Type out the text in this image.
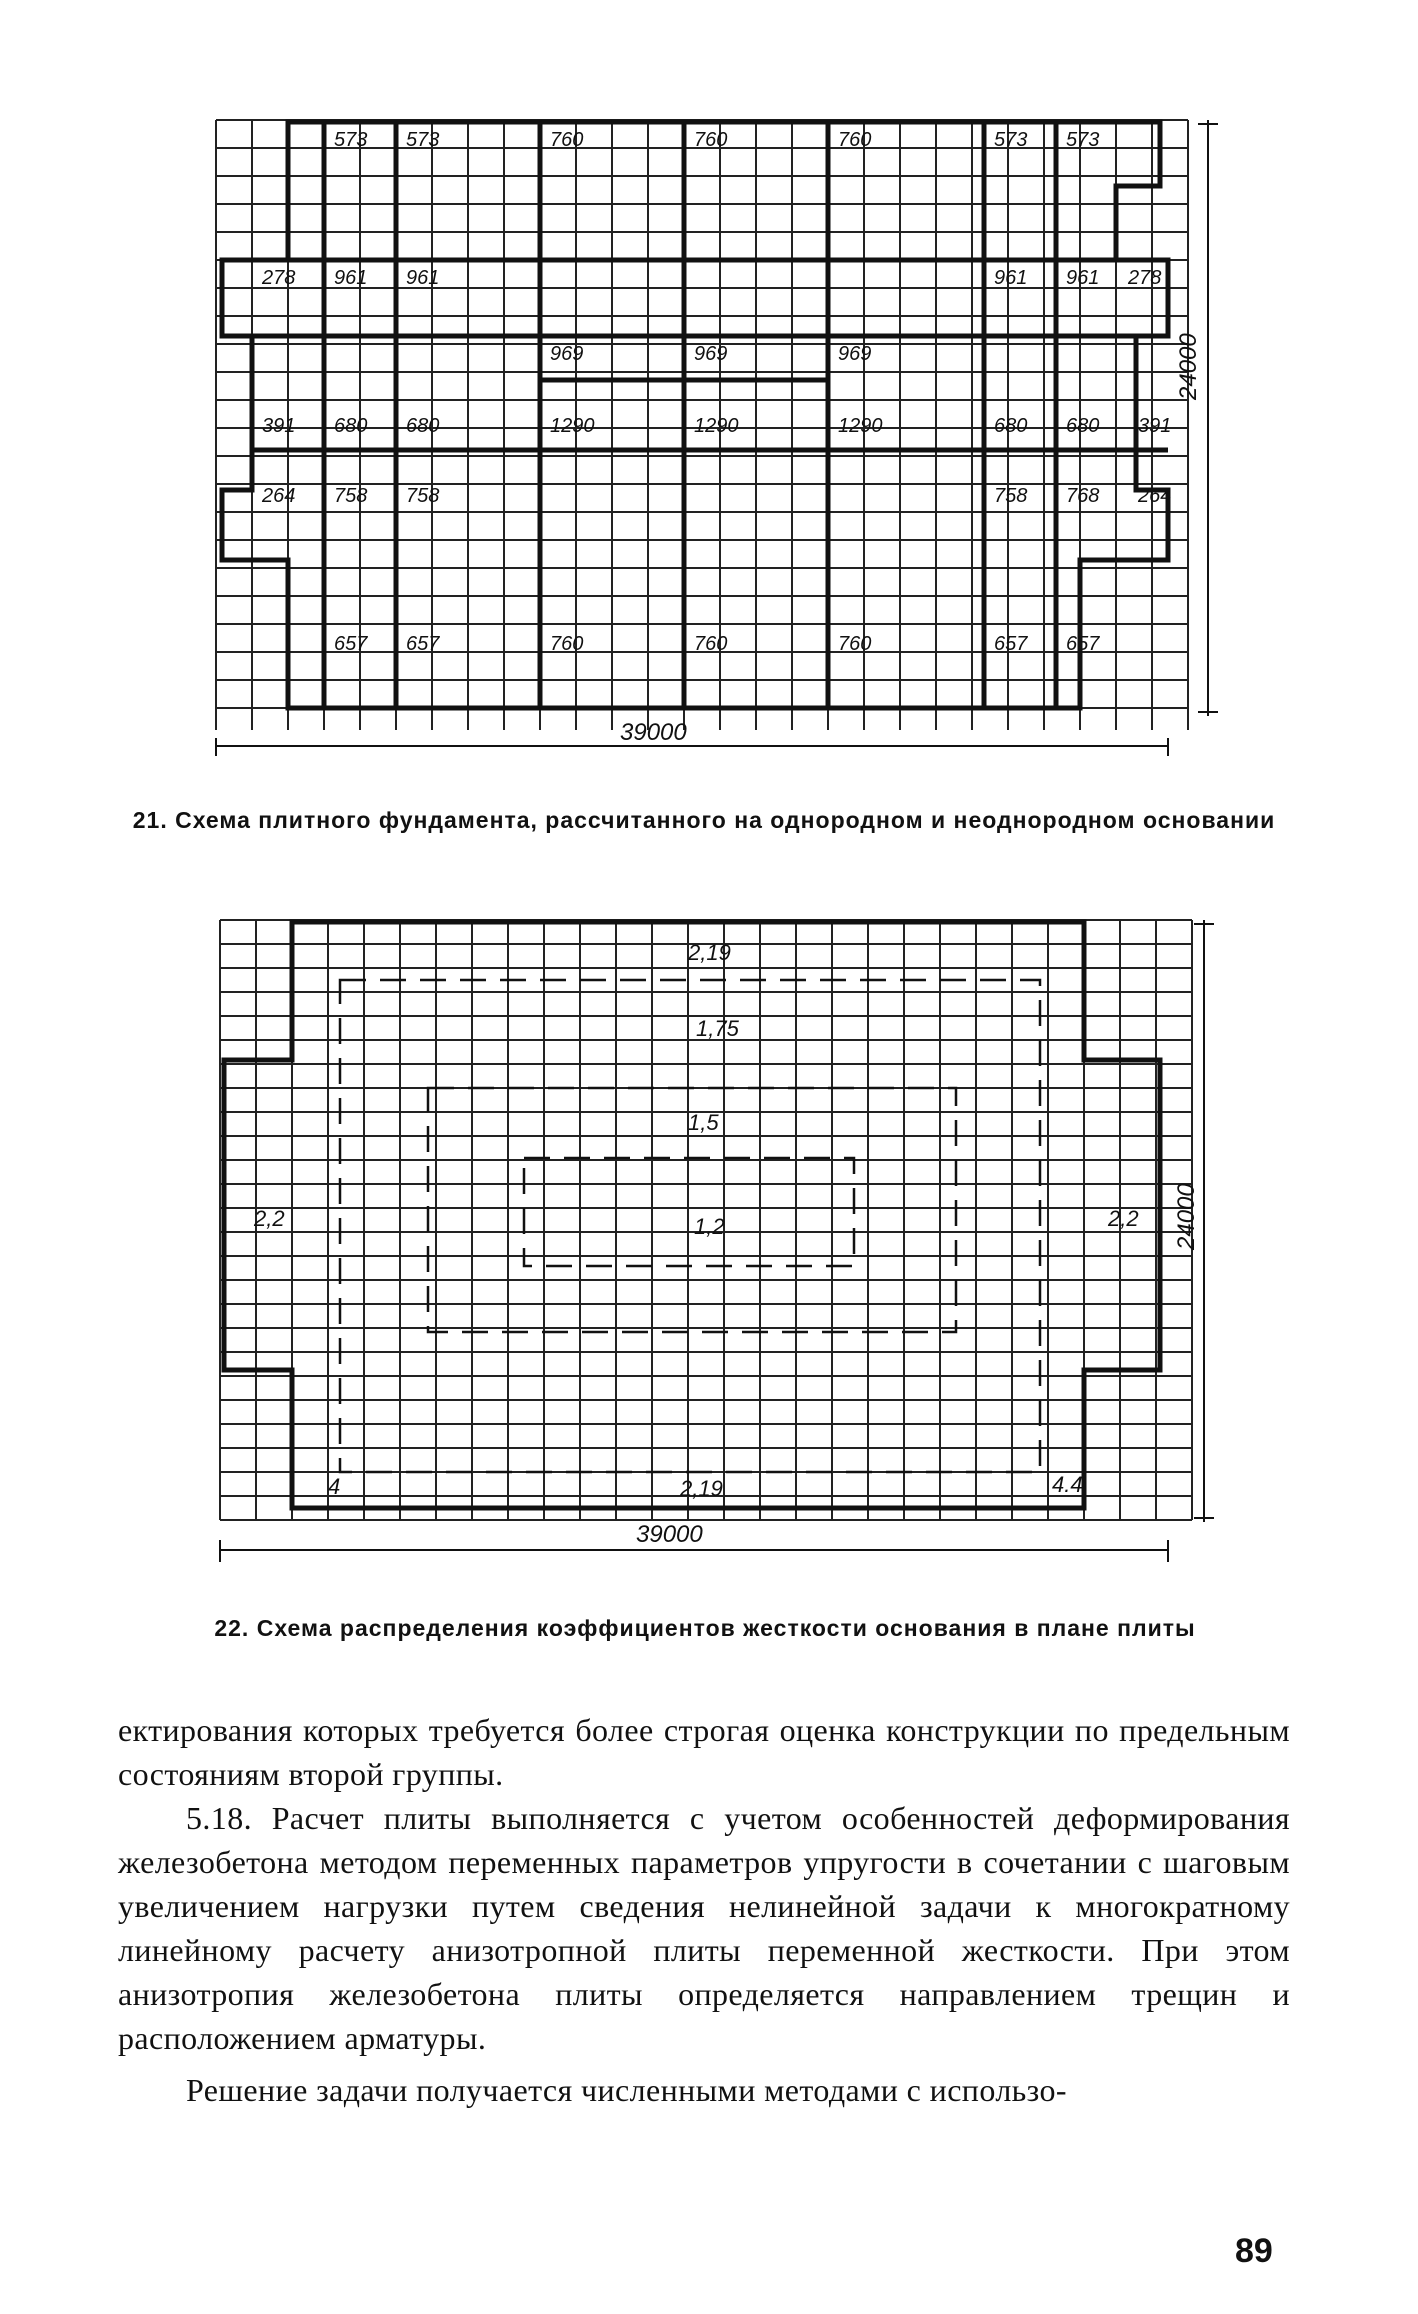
573 573	760	760	760	573 573
278 961 961	961 961 278
969	969	969
391 680 680	1290	1290	1290	680 680 391
264 758 758	758 768 264
657 657	760	760	760	657 657
39000
24000
21. Схема плитного фундамента, рассчитанного на однородном и неоднородном основании
2,19
1,75
1,5
1,2
2,2	2,2
2,19
4	4.4
39000
24000
22. Схема распределения коэффициентов жесткости основания в плане плиты

ектирования которых требуется более строгая оценка конструкции по предельным состояниям второй группы.

5.18. Расчет плиты выполняется с учетом особенностей деформирования железобетона методом переменных параметров упругости в сочетании с шаговым увеличением нагрузки путем сведения нелинейной задачи к многократному линейному расчету анизотропной плиты переменной жесткости. При этом анизотропия железобетона плиты определяется направлением трещин и расположением арматуры.

Решение задачи получается численными методами с использо-

89
